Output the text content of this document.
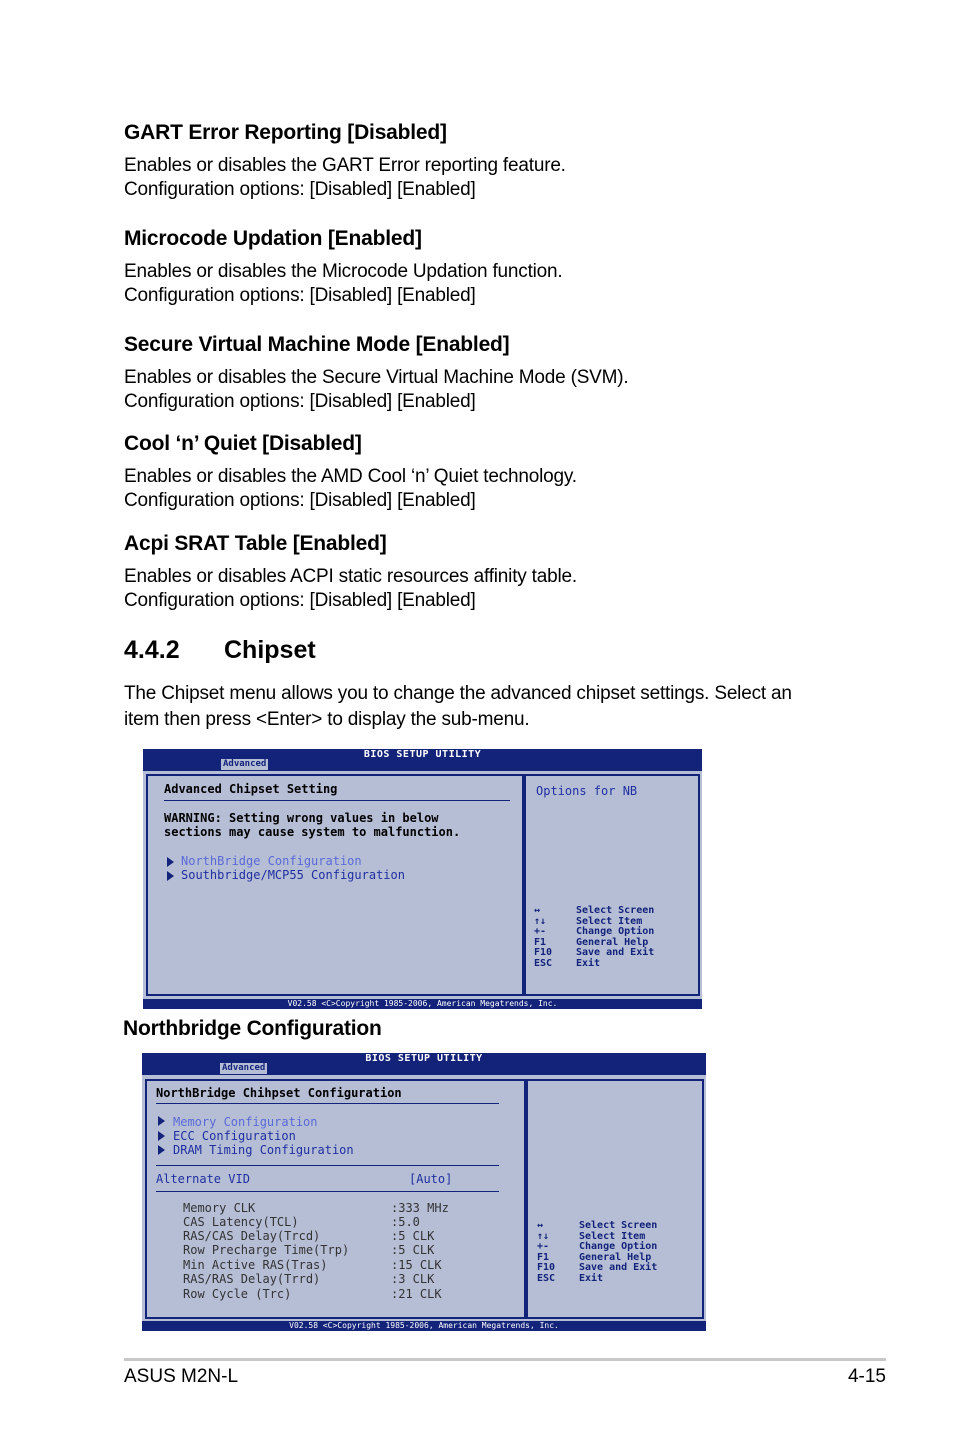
GART Error Reporting [Disabled]
Enables or disables the GART Error reporting feature.
Configuration options: [Disabled] [Enabled]
Microcode Updation [Enabled]
Enables or disables the Microcode Updation function.
Configuration options: [Disabled] [Enabled]
Secure Virtual Machine Mode [Enabled]
Enables or disables the Secure Virtual Machine Mode (SVM).
Configuration options: [Disabled] [Enabled]
Cool ‘n’ Quiet [Disabled]
Enables or disables the AMD Cool ‘n’ Quiet technology.
Configuration options: [Disabled] [Enabled]
Acpi SRAT Table [Enabled]
Enables or disables ACPI static resources affinity table.
Configuration options: [Disabled] [Enabled]
4.4.2 Chipset
The Chipset menu allows you to change the advanced chipset settings. Select an
item then press <Enter> to display the sub-menu.
BIOS SETUP UTILITY
Advanced
Advanced Chipset Setting
WARNING: Setting wrong values in below
sections may cause system to malfunction.
NorthBridge Configuration
Southbridge/MCP55 Configuration
Options for NB
↔	Select Screen
↑↓	Select Item
+-	Change Option
F1	General Help
F10 Save and Exit
ESC Exit
V02.58 <C>Copyright 1985-2006, American Megatrends, Inc.
Northbridge Configuration
BIOS SETUP UTILITY
Advanced
NorthBridge Chihpset Configuration
Memory Configuration
ECC Configuration
DRAM Timing Configuration
Alternate VID	[Auto]
Memory CLK	:333 MHz
CAS Latency(TCL)	:5.0
RAS/CAS Delay(Trcd)	:5 CLK
Row Precharge Time(Trp)	:5 CLK
Min Active RAS(Tras)	:15 CLK
RAS/RAS Delay(Trrd)	:3 CLK
Row Cycle (Trc)	:21 CLK
↔	Select Screen
↑↓	Select Item
+-	Change Option
F1	General Help
F10 Save and Exit
ESC Exit
V02.58 <C>Copyright 1985-2006, American Megatrends, Inc.
ASUS M2N-L	4-15
